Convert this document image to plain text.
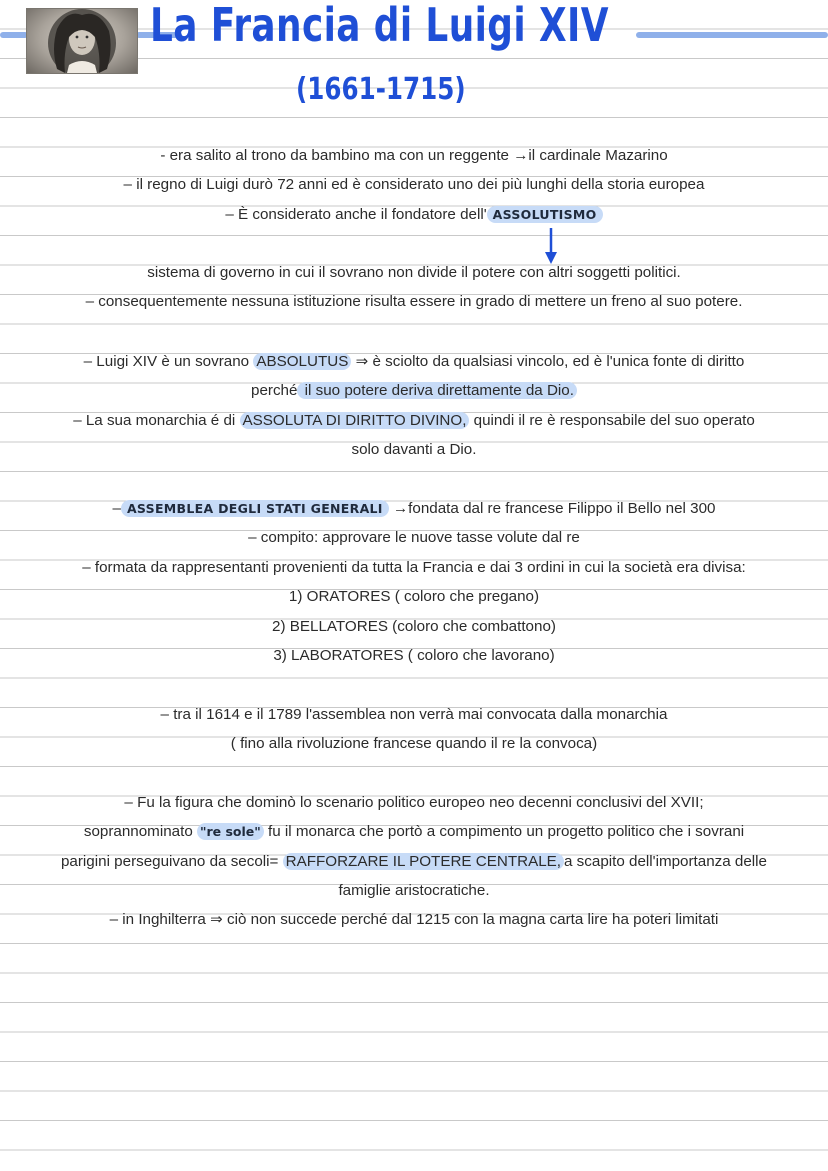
La Francia di Luigi XIV
(1661-1715)
- era salito al trono da bambino ma con un reggente →il cardinale Mazarino
– il regno di Luigi durò 72 anni ed è considerato uno dei più lunghi della storia europea
– È considerato anche il fondatore dell' ASSOLUTISMO
sistema di governo in cui il sovrano non divide il potere con altri soggetti politici.
– consequentemente nessuna istituzione risulta essere in grado di mettere un freno al suo potere.
– Luigi XIV è un sovrano ABSOLUTUS ⇒ è sciolto da qualsiasi vincolo, ed è l'unica fonte di diritto
perché il suo potere deriva direttamente da Dio.
– La sua monarchia é di ASSOLUTA DI DIRITTO DIVINO, quindi il re è responsabile del suo operato
solo davanti a Dio.
– ASSEMBLEA DEGLI STATI GENERALI →fondata dal re francese Filippo il Bello nel 300
– compito: approvare le nuove tasse volute dal re
– formata da rappresentanti provenienti da tutta la Francia e dai 3 ordini in cui la società era divisa:
1) ORATORES ( coloro che pregano)
2) BELLATORES (coloro che combattono)
3) LABORATORES ( coloro che lavorano)
– tra il 1614 e il 1789 l'assemblea non verrà mai convocata dalla monarchia
( fino alla rivoluzione francese quando il re la convoca)
– Fu la figura che dominò lo scenario politico europeo neo decenni conclusivi del XVII;
soprannominato "re sole" fu il monarca che portò a compimento un progetto politico che i sovrani
parigini perseguivano da secoli= RAFFORZARE IL POTERE CENTRALE, a scapito dell'importanza delle
famiglie aristocratiche.
– in Inghilterra ⇒ ciò non succede perché dal 1215 con la magna carta lire ha poteri limitati
